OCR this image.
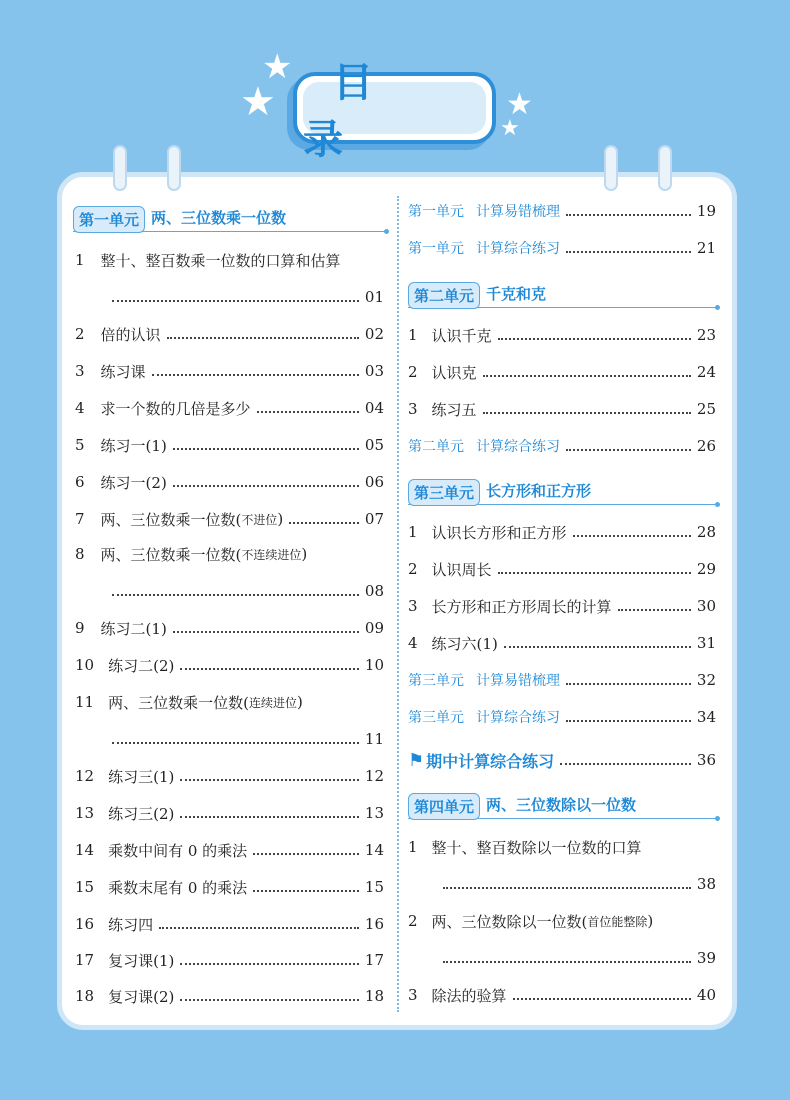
★
★
★
★
目 录
第一单元 两、三位数乘一位数
1 整十、整百数乘一位数的口算和估算
01
2 倍的认识	02
3 练习课	03
4 求一个数的几倍是多少	04
5 练习一(1)	05
6 练习一(2)	06
7 两、三位数乘一位数( 不进位 )	07
8 两、三位数乘一位数( 不连续进位 )
08
9 练习二(1)	09
10 练习二(2)	10
11 两、三位数乘一位数( 连续进位 )
11
12 练习三(1)	12
13 练习三(2)	13
14 乘数中间有 0 的乘法	14
15 乘数末尾有 0 的乘法	15
16 练习四	16
17 复习课(1)	17
18 复习课(2)	18
第一单元 计算易错梳理	19
第一单元 计算综合练习	21
第二单元 千克和克
1 认识千克	23
2 认识克	24
3 练习五	25
第二单元 计算综合练习	26
第三单元 长方形和正方形
1 认识长方形和正方形	28
2 认识周长	29
3 长方形和正方形周长的计算	30
4 练习六(1)	31
第三单元 计算易错梳理	32
第三单元 计算综合练习	34
⚑ 期中计算综合练习	36
第四单元 两、三位数除以一位数
1 整十、整百数除以一位数的口算
38
2 两、三位数除以一位数( 首位能整除 )
39
3 除法的验算	40
